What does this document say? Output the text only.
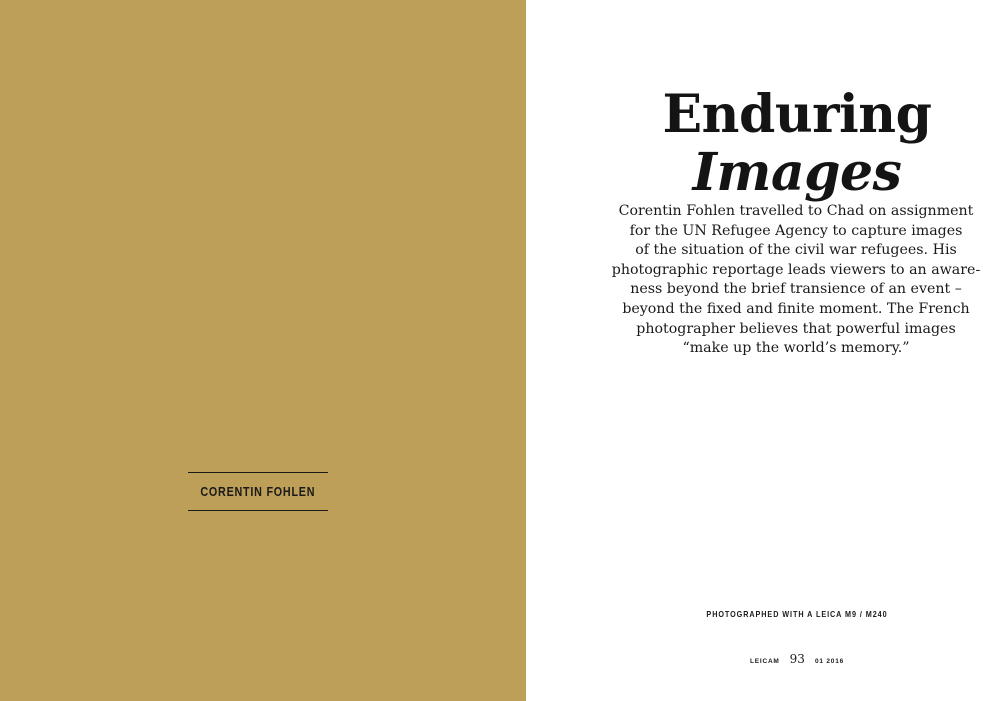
CORENTIN FOHLEN
Enduring
Images
Corentin Fohlen travelled to Chad on assignment
for the UN Refugee Agency to capture images
of the situation of the civil war refugees. His
photographic reportage leads viewers to an aware-
ness beyond the brief transience of an event –
beyond the fixed and finite moment. The French
photographer believes that powerful images
“make up the world’s memory.”
PHOTOGRAPHED WITH A LEICA M9 / M240
LEICAM 93 01 2016
